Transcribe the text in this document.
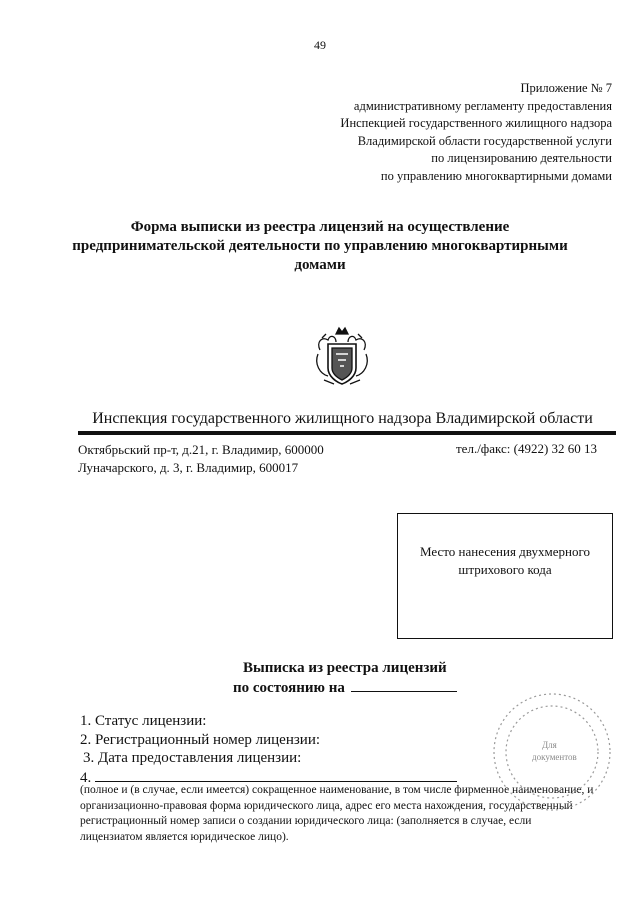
49
Приложение № 7
административному регламенту предоставления
Инспекцией государственного жилищного надзора
Владимирской области государственной услуги
по лицензированию деятельности
по управлению многоквартирными домами
Форма выписки из реестра лицензий на осуществление
предпринимательской деятельности по управлению многоквартирными
домами
Инспекция государственного жилищного надзора Владимирской области
Октябрьский пр-т, д.21, г. Владимир, 600000
Луначарского, д. 3, г. Владимир, 600017
тел./факс: (4922) 32 60 13
Место нанесения двухмерного
штрихового кода
Выписка из реестра лицензий
по состоянию на
1. Статус лицензии:
2. Регистрационный номер лицензии:
3. Дата предоставления лицензии:
4.
(полное и (в случае, если имеется) сокращенное наименование, в том числе фирменное наименование, и
организационно-правовая форма юридического лица, адрес его места нахождения, государственный
регистрационный номер записи о создании юридического лица: (заполняется в случае, если
лицензиатом является юридическое лицо).
Для
документов
